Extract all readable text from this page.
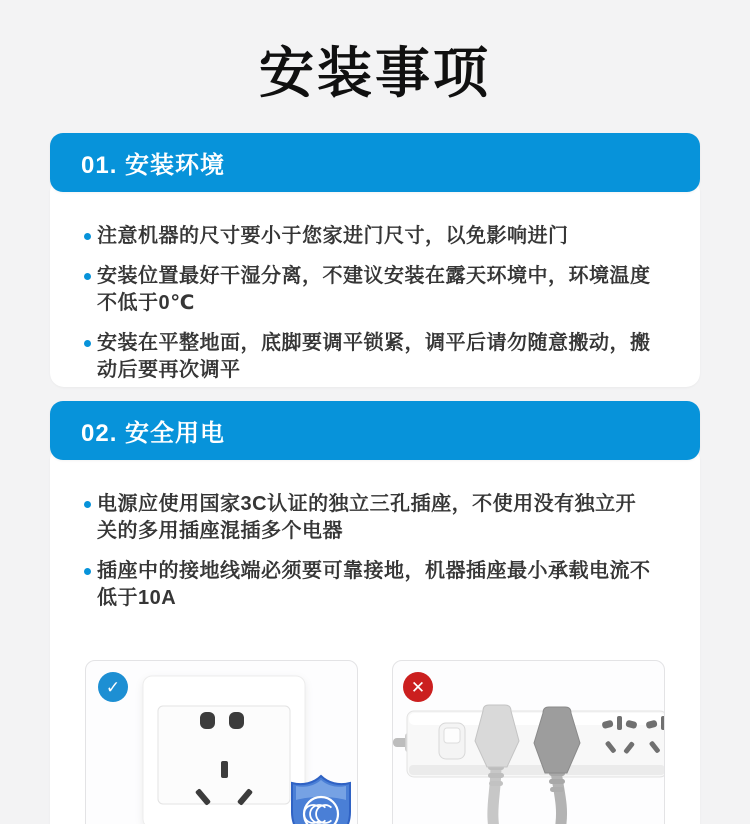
安装事项
01. 安装环境
注意机器的尺寸要小于您家进门尺寸，以免影响进门
安装位置最好干湿分离，不建议安装在露天环境中，环境温度不低于0℃
安装在平整地面，底脚要调平锁紧，调平后请勿随意搬动，搬动后要再次调平
02. 安全用电
电源应使用国家3C认证的独立三孔插座，不使用没有独立开关的多用插座混插多个电器
插座中的接地线端必须要可靠接地，机器插座最小承载电流不低于10A
✓	✕
